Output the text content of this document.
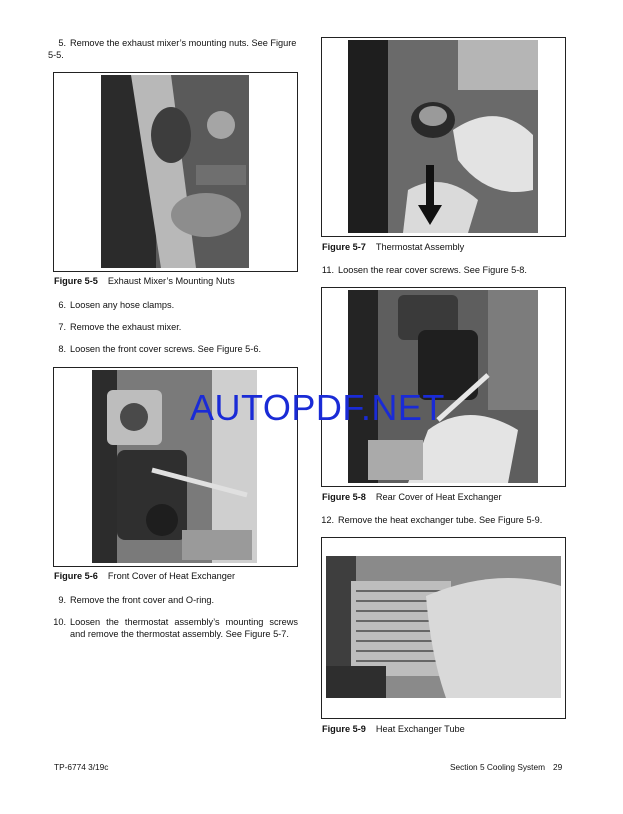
5. Remove the exhaust mixer’s mounting nuts. See Figure 5-5.
Figure 5-5 Exhaust Mixer’s Mounting Nuts
6. Loosen any hose clamps.
7. Remove the exhaust mixer.
8. Loosen the front cover screws. See Figure 5-6.
Figure 5-6 Front Cover of Heat Exchanger
9. Remove the front cover and O-ring.
10. Loosen the thermostat assembly’s mounting screws and remove the thermostat assembly. See Figure 5-7.
Figure 5-7 Thermostat Assembly
11. Loosen the rear cover screws. See Figure 5-8.
Figure 5-8 Rear Cover of Heat Exchanger
12. Remove the heat exchanger tube. See Figure 5-9.
Figure 5-9 Heat Exchanger Tube
AUTOPDF.NET
TP-6774 3/19c	Section 5 Cooling System 29
